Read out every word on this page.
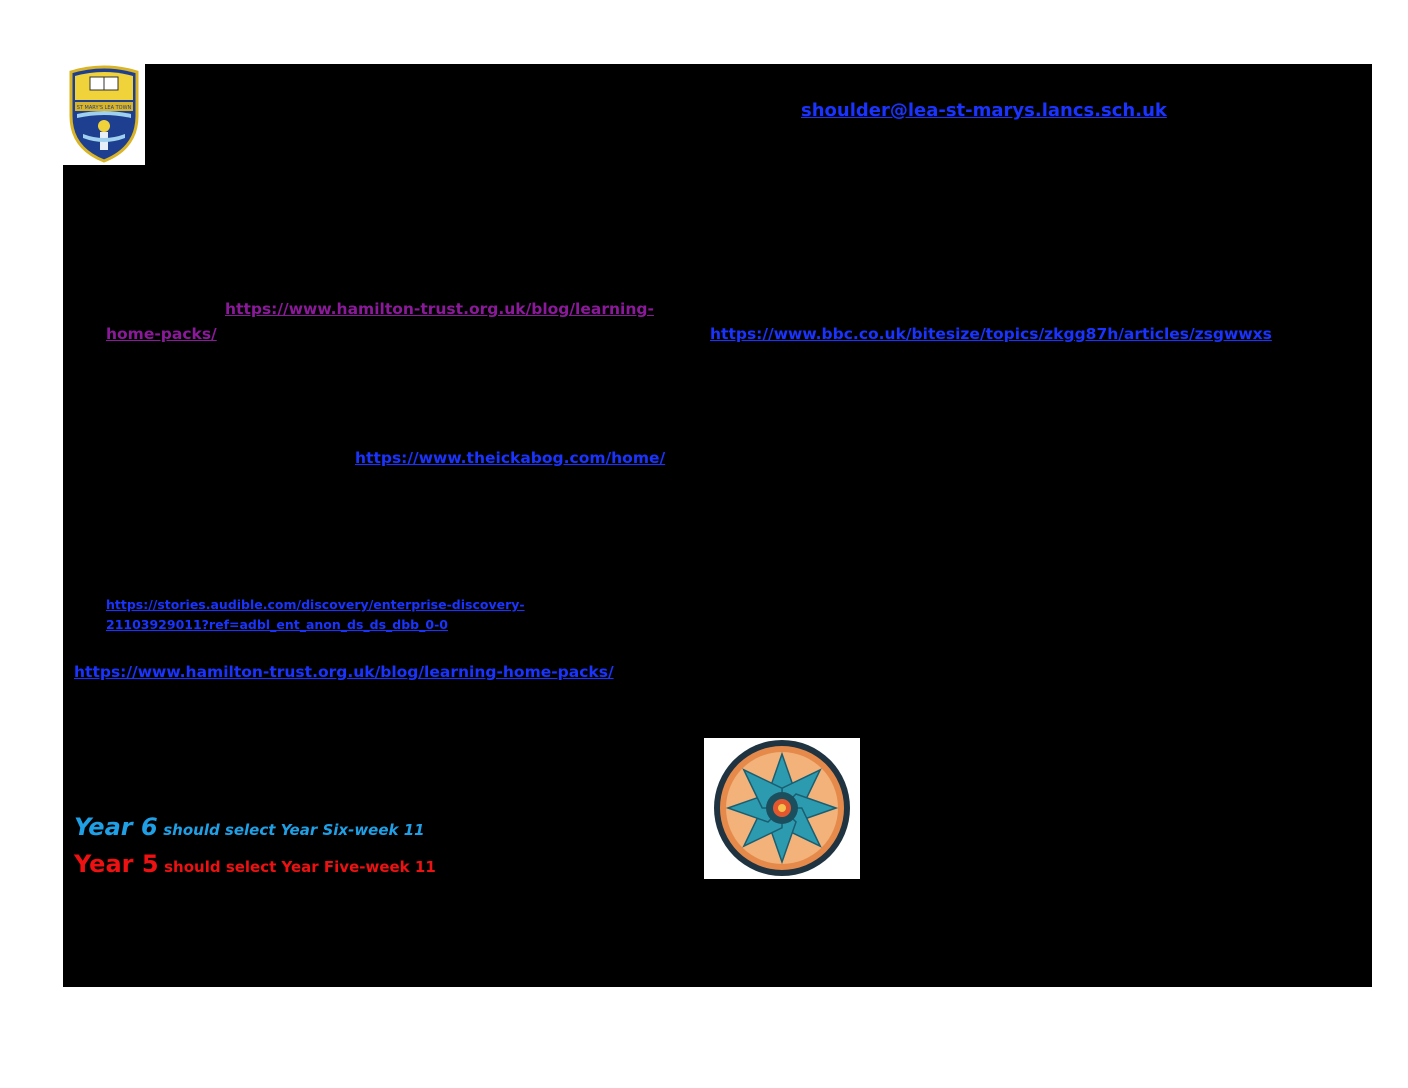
ST MARY'S LEA TOWN	shoulder@lea-st-marys.lancs.sch.uk
https://www.hamilton-trust.org.uk/blog/learning-
home-packs/	https://www.bbc.co.uk/bitesize/topics/zkgg87h/articles/zsgwwxs
https://www.theickabog.com/home/
https://stories.audible.com/discovery/enterprise-discovery-
21103929011?ref=adbl_ent_anon_ds_ds_dbb_0-0
https://www.hamilton-trust.org.uk/blog/learning-home-packs/
Year 6 should select Year Six-week 11
Year 5 should select Year Five-week 11
